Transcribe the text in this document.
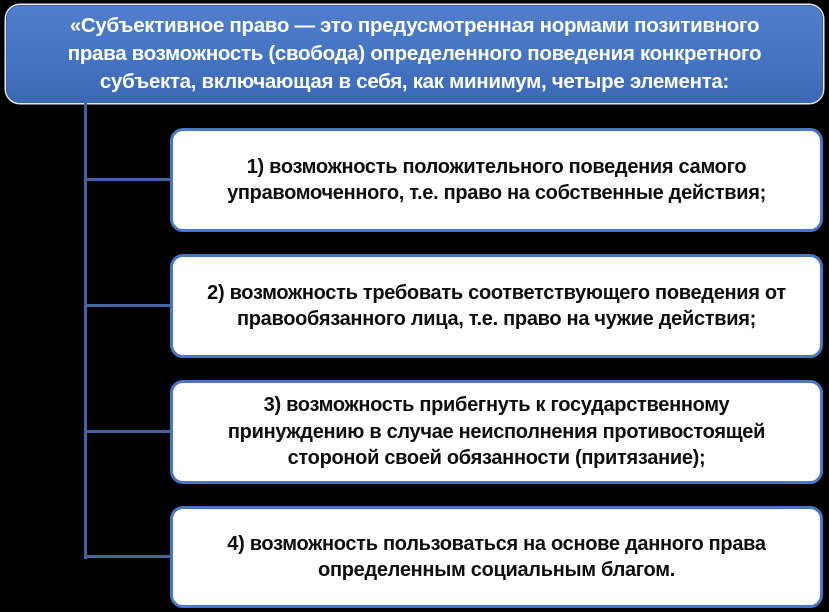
«Субъективное право — это предусмотренная нормами позитивного права возможность (свобода) определенного поведения конкретного субъекта, включающая в себя, как минимум, четыре элемента:
1) возможность положительного поведения самого управомоченного, т.е. право на собственные действия;
2) возможность требовать соответствующего поведения от правообязанного лица, т.е. право на чужие действия;
3) возможность прибегнуть к государственному принуждению в случае неисполнения противостоящей стороной своей обязанности (притязание);
4) возможность пользоваться на основе данного права определенным социальным благом.
